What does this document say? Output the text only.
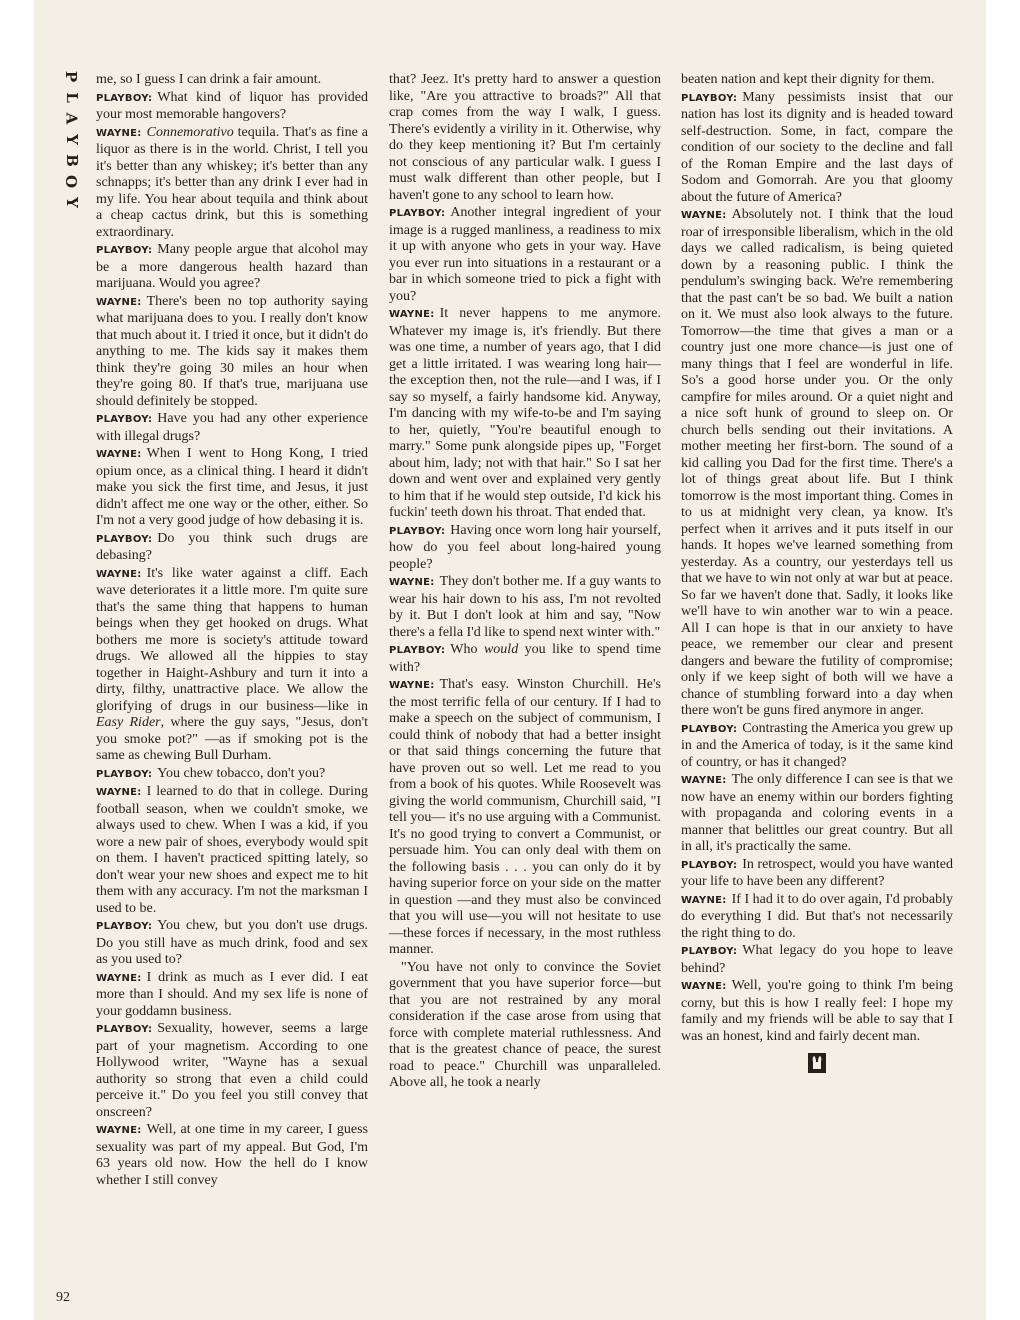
P
L
A
Y
B
O
Y
92

me, so I guess I can drink a fair amount.

PLAYBOY: What kind of liquor has provided your most memorable hangovers?

WAYNE: Connemorativo tequila. That's as fine a liquor as there is in the world. Christ, I tell you it's better than any whiskey; it's better than any schnapps; it's better than any drink I ever had in my life. You hear about tequila and think about a cheap cactus drink, but this is something extraordinary.

PLAYBOY: Many people argue that alcohol may be a more dangerous health hazard than marijuana. Would you agree?

WAYNE: There's been no top authority saying what marijuana does to you. I really don't know that much about it. I tried it once, but it didn't do anything to me. The kids say it makes them think they're going 30 miles an hour when they're going 80. If that's true, marijuana use should definitely be stopped.

PLAYBOY: Have you had any other experience with illegal drugs?

WAYNE: When I went to Hong Kong, I tried opium once, as a clinical thing. I heard it didn't make you sick the first time, and Jesus, it just didn't affect me one way or the other, either. So I'm not a very good judge of how debasing it is.

PLAYBOY: Do you think such drugs are debasing?

WAYNE: It's like water against a cliff. Each wave deteriorates it a little more. I'm quite sure that's the same thing that happens to human beings when they get hooked on drugs. What bothers me more is society's attitude toward drugs. We allowed all the hippies to stay together in Haight-Ashbury and turn it into a dirty, filthy, unattractive place. We allow the glorifying of drugs in our business—like in Easy Rider, where the guy says, "Jesus, don't you smoke pot?" —as if smoking pot is the same as chewing Bull Durham.

PLAYBOY: You chew tobacco, don't you?

WAYNE: I learned to do that in college. During football season, when we couldn't smoke, we always used to chew. When I was a kid, if you wore a new pair of shoes, everybody would spit on them. I haven't practiced spitting lately, so don't wear your new shoes and expect me to hit them with any accuracy. I'm not the marksman I used to be.

PLAYBOY: You chew, but you don't use drugs. Do you still have as much drink, food and sex as you used to?

WAYNE: I drink as much as I ever did. I eat more than I should. And my sex life is none of your goddamn business.

PLAYBOY: Sexuality, however, seems a large part of your magnetism. According to one Hollywood writer, "Wayne has a sexual authority so strong that even a child could perceive it." Do you feel you still convey that onscreen?

WAYNE: Well, at one time in my career, I guess sexuality was part of my appeal. But God, I'm 63 years old now. How the hell do I know whether I still convey

that? Jeez. It's pretty hard to answer a question like, "Are you attractive to broads?" All that crap comes from the way I walk, I guess. There's evidently a virility in it. Otherwise, why do they keep mentioning it? But I'm certainly not conscious of any particular walk. I guess I must walk different than other people, but I haven't gone to any school to learn how.

PLAYBOY: Another integral ingredient of your image is a rugged manliness, a readiness to mix it up with anyone who gets in your way. Have you ever run into situations in a restaurant or a bar in which someone tried to pick a fight with you?

WAYNE: It never happens to me anymore. Whatever my image is, it's friendly. But there was one time, a number of years ago, that I did get a little irritated. I was wearing long hair—the exception then, not the rule—and I was, if I say so myself, a fairly handsome kid. Anyway, I'm dancing with my wife-to-be and I'm saying to her, quietly, "You're beautiful enough to marry." Some punk alongside pipes up, "Forget about him, lady; not with that hair." So I sat her down and went over and explained very gently to him that if he would step outside, I'd kick his fuckin' teeth down his throat. That ended that.

PLAYBOY: Having once worn long hair yourself, how do you feel about long-haired young people?

WAYNE: They don't bother me. If a guy wants to wear his hair down to his ass, I'm not revolted by it. But I don't look at him and say, "Now there's a fella I'd like to spend next winter with."

PLAYBOY: Who would you like to spend time with?

WAYNE: That's easy. Winston Churchill. He's the most terrific fella of our century. If I had to make a speech on the subject of communism, I could think of nobody that had a better insight or that said things concerning the future that have proven out so well. Let me read to you from a book of his quotes. While Roosevelt was giving the world communism, Churchill said, "I tell you— it's no use arguing with a Communist. It's no good trying to convert a Communist, or persuade him. You can only deal with them on the following basis . . . you can only do it by having superior force on your side on the matter in question —and they must also be convinced that you will use—you will not hesitate to use —these forces if necessary, in the most ruthless manner.

"You have not only to convince the Soviet government that you have superior force—but that you are not restrained by any moral consideration if the case arose from using that force with complete material ruthlessness. And that is the greatest chance of peace, the surest road to peace." Churchill was unparalleled. Above all, he took a nearly

beaten nation and kept their dignity for them.

PLAYBOY: Many pessimists insist that our nation has lost its dignity and is headed toward self-destruction. Some, in fact, compare the condition of our society to the decline and fall of the Roman Empire and the last days of Sodom and Gomorrah. Are you that gloomy about the future of America?

WAYNE: Absolutely not. I think that the loud roar of irresponsible liberalism, which in the old days we called radicalism, is being quieted down by a reasoning public. I think the pendulum's swinging back. We're remembering that the past can't be so bad. We built a nation on it. We must also look always to the future. Tomorrow—the time that gives a man or a country just one more chance—is just one of many things that I feel are wonderful in life. So's a good horse under you. Or the only campfire for miles around. Or a quiet night and a nice soft hunk of ground to sleep on. Or church bells sending out their invitations. A mother meeting her first-born. The sound of a kid calling you Dad for the first time. There's a lot of things great about life. But I think tomorrow is the most important thing. Comes in to us at midnight very clean, ya know. It's perfect when it arrives and it puts itself in our hands. It hopes we've learned something from yesterday. As a country, our yesterdays tell us that we have to win not only at war but at peace. So far we haven't done that. Sadly, it looks like we'll have to win another war to win a peace. All I can hope is that in our anxiety to have peace, we remember our clear and present dangers and beware the futility of compromise; only if we keep sight of both will we have a chance of stumbling forward into a day when there won't be guns fired anymore in anger.

PLAYBOY: Contrasting the America you grew up in and the America of today, is it the same kind of country, or has it changed?

WAYNE: The only difference I can see is that we now have an enemy within our borders fighting with propaganda and coloring events in a manner that belittles our great country. But all in all, it's practically the same.

PLAYBOY: In retrospect, would you have wanted your life to have been any different?

WAYNE: If I had it to do over again, I'd probably do everything I did. But that's not necessarily the right thing to do.

PLAYBOY: What legacy do you hope to leave behind?

WAYNE: Well, you're going to think I'm being corny, but this is how I really feel: I hope my family and my friends will be able to say that I was an honest, kind and fairly decent man.
